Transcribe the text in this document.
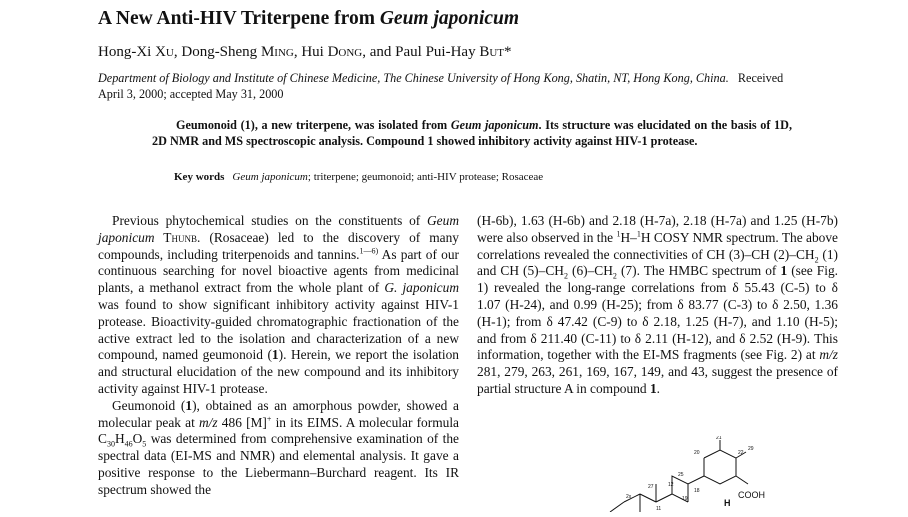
A New Anti-HIV Triterpene from Geum japonicum
Hong-Xi Xu, Dong-Sheng Ming, Hui Dong, and Paul Pui-Hay But*
Department of Biology and Institute of Chinese Medicine, The Chinese University of Hong Kong, Shatin, NT, Hong Kong, China. Received April 3, 2000; accepted May 31, 2000
Geumonoid (1), a new triterpene, was isolated from Geum japonicum. Its structure was elucidated on the basis of 1D, 2D NMR and MS spectroscopic analysis. Compound 1 showed inhibitory activity against HIV-1 protease.
Key words Geum japonicum; triterpene; geumonoid; anti-HIV protease; Rosaceae

Previous phytochemical studies on the constituents of Geum japonicum Thunb. (Rosaceae) led to the discovery of many compounds, including triterpenoids and tannins.$^{1—6)}$ As part of our continuous searching for novel bioactive agents from medicinal plants, a methanol extract from the whole plant of G. japonicum was found to show significant inhibitory activity against HIV-1 protease. Bioactivity-guided chromatographic fractionation of the active extract led to the isolation and characterization of a new compound, named geumonoid (1). Herein, we report the isolation and structural elucidation of the new compound and its inhibitory activity against HIV-1 protease.

Geumonoid (1), obtained as an amorphous powder, showed a molecular peak at m/z 486 [M]+ in its EIMS. A molecular formula $C_{30}H_{46}O_5$ was determined from comprehensive examination of the spectral data (EI-MS and NMR) and elemental analysis. It gave a positive response to the Liebermann–Burchard reagent. Its IR spectrum showed the

(H-6b), 1.63 (H-6b) and 2.18 (H-7a), 2.18 (H-7a) and 1.25 (H-7b) were also observed in the $^1$H–$^1$H COSY NMR spectrum. The above correlations revealed the connectivities of CH (3)–CH $(2)-CH_2$ (1) and CH $(5)-CH_2$ $(6)-CH_2$ (7). The HMBC spectrum of 1 (see Fig. 1) revealed the long-range correlations from δ 55.43 (C-5) to δ 1.07 (H-24), and 0.99 (H-25); from δ 83.77 (C-3) to δ 2.50, 1.36 (H-1); from δ 47.42 (C-9) to δ 2.18, 1.25 (H-7), and 1.10 (H-5); and from δ 211.40 (C-11) to δ 2.11 (H-12), and δ 2.52 (H-9). This information, together with the EI-MS fragments (see Fig. 2) at m/z 281, 279, 263, 261, 169, 167, 149, and 43, suggest the presence of partial structure A in compound 1.

21
20	22
25
29
12
27
18
19
11
2x	COOH
H
